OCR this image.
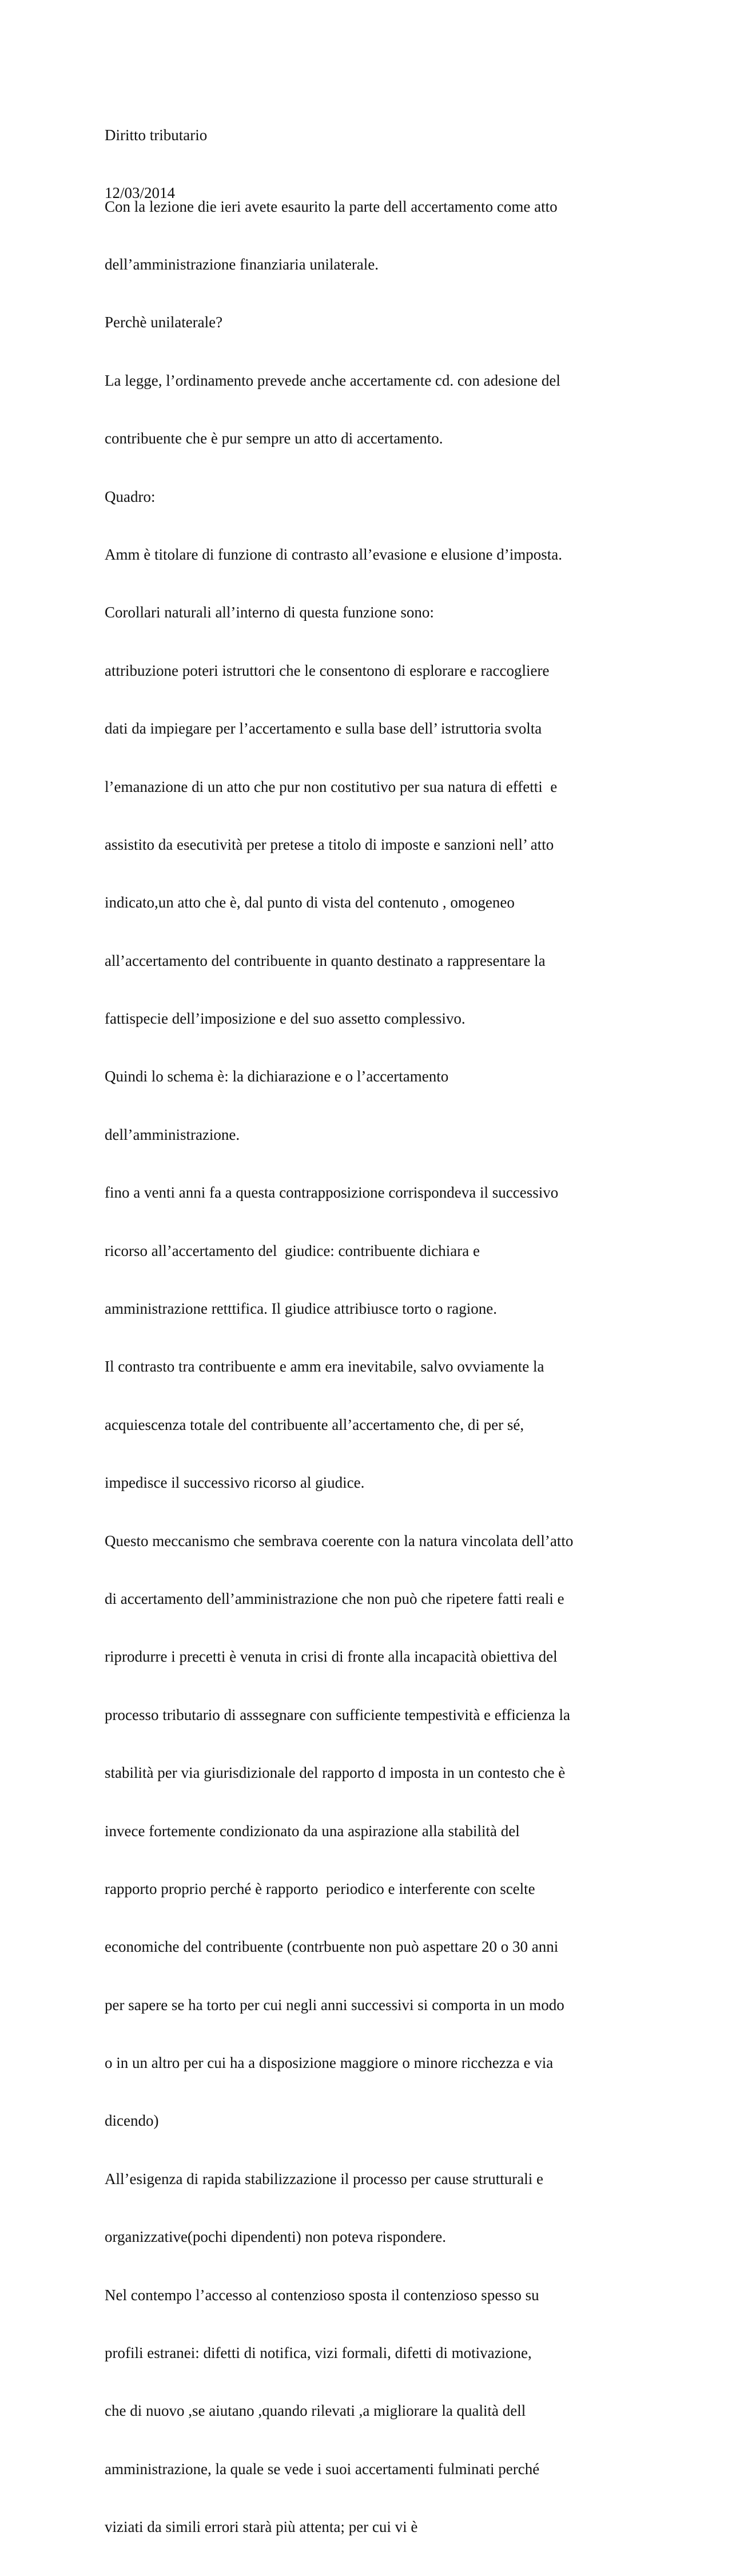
Diritto tributario

12/03/2014

Con la lezione die ieri avete esaurito la parte dell accertamento come atto

dell’amministrazione finanziaria unilaterale.

Perchè unilaterale?

La legge, l’ordinamento prevede anche accertamente cd. con adesione del

contribuente che è pur sempre un atto di accertamento.

Quadro:

Amm è titolare di funzione di contrasto all’evasione e elusione d’imposta.

Corollari naturali all’interno di questa funzione sono:

attribuzione poteri istruttori che le consentono di esplorare e raccogliere

dati da impiegare per l’accertamento e sulla base dell’ istruttoria svolta

l’emanazione di un atto che pur non costitutivo per sua natura di effetti  e

assistito da esecutività per pretese a titolo di imposte e sanzioni nell’ atto

indicato,un atto che è, dal punto di vista del contenuto , omogeneo

all’accertamento del contribuente in quanto destinato a rappresentare la

fattispecie dell’imposizione e del suo assetto complessivo.

Quindi lo schema è: la dichiarazione e o l’accertamento

dell’amministrazione.

fino a venti anni fa a questa contrapposizione corrispondeva il successivo

ricorso all’accertamento del  giudice: contribuente dichiara e

amministrazione retttifica. Il giudice attribiusce torto o ragione.

Il contrasto tra contribuente e amm era inevitabile, salvo ovviamente la

acquiescenza totale del contribuente all’accertamento che, di per sé,

impedisce il successivo ricorso al giudice.

Questo meccanismo che sembrava coerente con la natura vincolata dell’atto

di accertamento dell’amministrazione che non può che ripetere fatti reali e

riprodurre i precetti è venuta in crisi di fronte alla incapacità obiettiva del

processo tributario di asssegnare con sufficiente tempestività e efficienza la

stabilità per via giurisdizionale del rapporto d imposta in un contesto che è

invece fortemente condizionato da una aspirazione alla stabilità del

rapporto proprio perché è rapporto  periodico e interferente con scelte

economiche del contribuente (contrbuente non può aspettare 20 o 30 anni

per sapere se ha torto per cui negli anni successivi si comporta in un modo

o in un altro per cui ha a disposizione maggiore o minore ricchezza e via

dicendo)

All’esigenza di rapida stabilizzazione il processo per cause strutturali e

organizzative(pochi dipendenti) non poteva rispondere.

Nel contempo l’accesso al contenzioso sposta il contenzioso spesso su

profili estranei: difetti di notifica, vizi formali, difetti di motivazione,

che di nuovo ,se aiutano ,quando rilevati ,a migliorare la qualità dell

amministrazione, la quale se vede i suoi accertamenti fulminati perché

viziati da simili errori starà più attenta; per cui vi è
